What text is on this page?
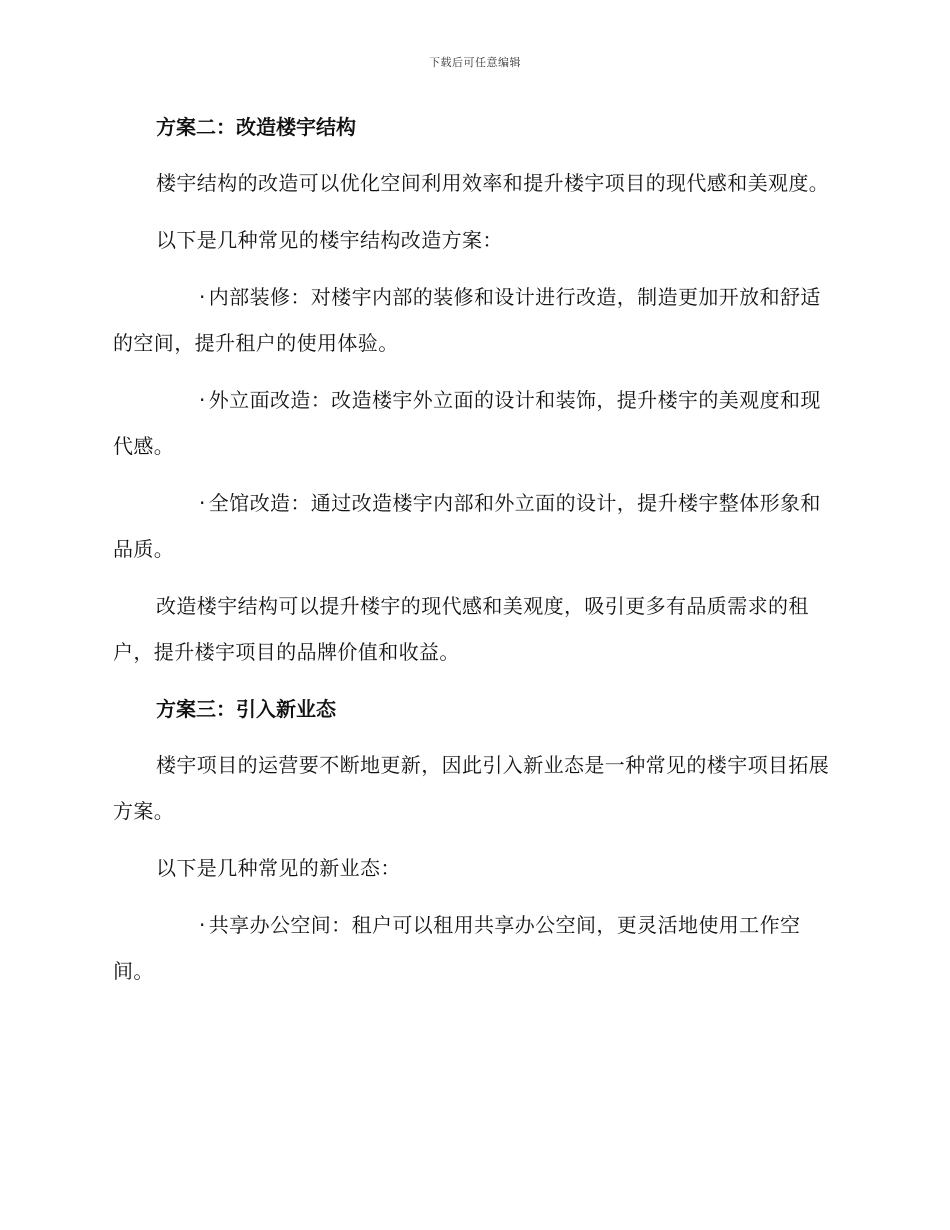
下载后可任意编辑
方案二：改造楼宇结构

楼宇结构的改造可以优化空间利用效率和提升楼宇项目的现代感和美观度。

以下是几种常见的楼宇结构改造方案：

· 内部装修：对楼宇内部的装修和设计进行改造，制造更加开放和舒适的空间，提升租户的使用体验。

· 外立面改造：改造楼宇外立面的设计和装饰，提升楼宇的美观度和现代感。

· 全馆改造：通过改造楼宇内部和外立面的设计，提升楼宇整体形象和品质。

改造楼宇结构可以提升楼宇的现代感和美观度，吸引更多有品质需求的租户，提升楼宇项目的品牌价值和收益。

方案三：引入新业态

楼宇项目的运营要不断地更新，因此引入新业态是一种常见的楼宇项目拓展方案。

以下是几种常见的新业态：

· 共享办公空间：租户可以租用共享办公空间，更灵活地使用工作空间。
